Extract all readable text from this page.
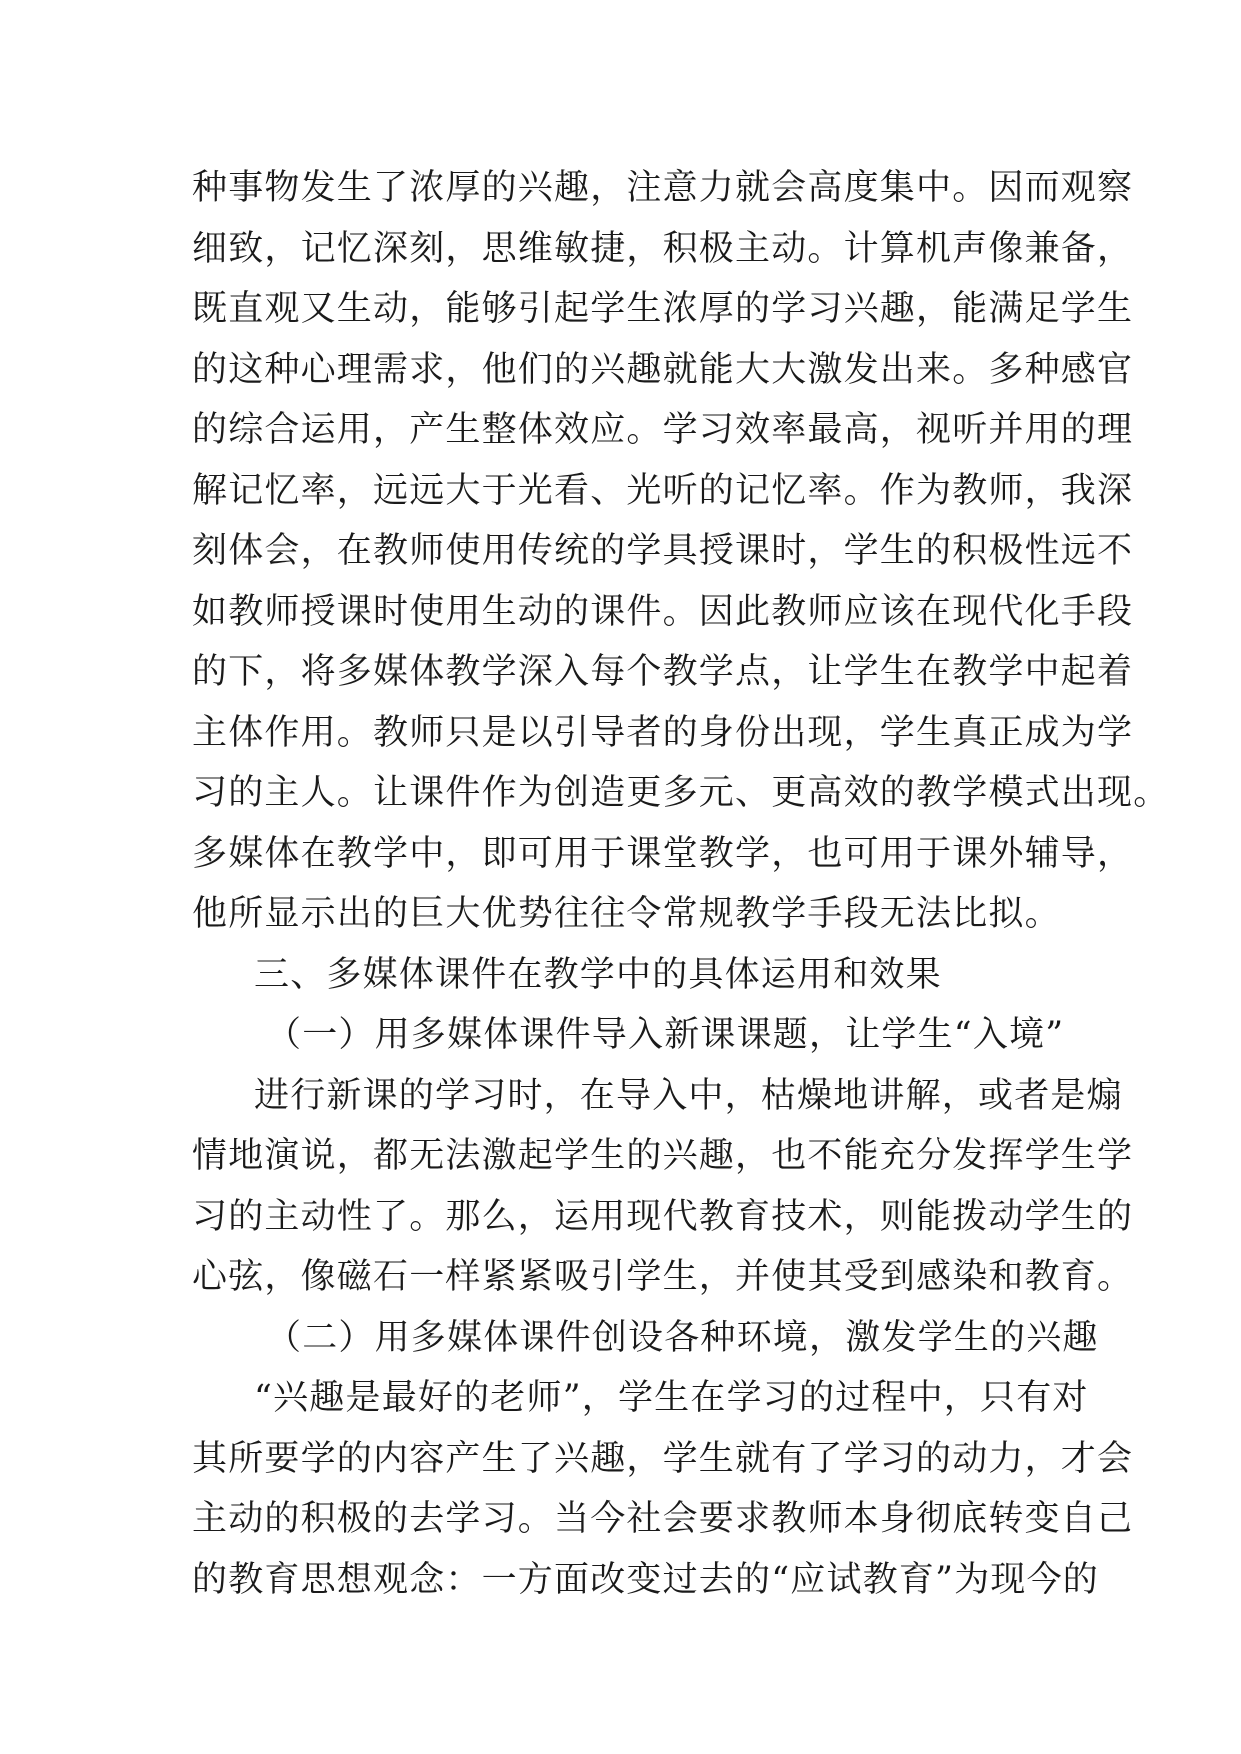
种事物发生了浓厚的兴趣，注意力就会高度集中。因而观察
细致，记忆深刻，思维敏捷，积极主动。计算机声像兼备，
既直观又生动，能够引起学生浓厚的学习兴趣，能满足学生
的这种心理需求，他们的兴趣就能大大激发出来。多种感官
的综合运用，产生整体效应。学习效率最高，视听并用的理
解记忆率，远远大于光看、光听的记忆率。作为教师，我深
刻体会，在教师使用传统的学具授课时，学生的积极性远不
如教师授课时使用生动的课件。因此教师应该在现代化手段
的下，将多媒体教学深入每个教学点，让学生在教学中起着
主体作用。教师只是以引导者的身份出现，学生真正成为学
习的主人。让课件作为创造更多元、更高效的教学模式出现。
多媒体在教学中，即可用于课堂教学，也可用于课外辅导，
他所显示出的巨大优势往往令常规教学手段无法比拟。
三、多媒体课件在教学中的具体运用和效果
（一）用多媒体课件导入新课课题，让学生“入境”
进行新课的学习时，在导入中，枯燥地讲解，或者是煽
情地演说，都无法激起学生的兴趣，也不能充分发挥学生学
习的主动性了。那么，运用现代教育技术，则能拨动学生的
心弦，像磁石一样紧紧吸引学生，并使其受到感染和教育。
（二）用多媒体课件创设各种环境，激发学生的兴趣
“兴趣是最好的老师”，学生在学习的过程中，只有对
其所要学的内容产生了兴趣，学生就有了学习的动力，才会
主动的积极的去学习。当今社会要求教师本身彻底转变自己
的教育思想观念：一方面改变过去的“应试教育”为现今的
